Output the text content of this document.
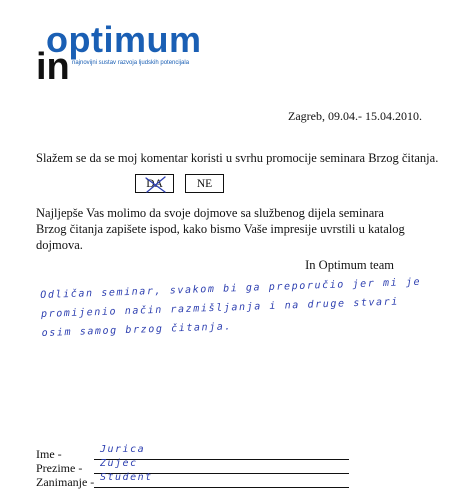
optimum
in najnovijni sustav razvoja ljudskih potencijala
Zagreb, 09.04.- 15.04.2010.
Slažem se da se moj komentar koristi u svrhu promocije seminara Brzog čitanja.
DA	NE
Najljepše Vas molimo da svoje dojmove sa službenog dijela seminara Brzog čitanja zapišete ispod, kako bismo Vaše impresije uvrstili u katalog dojmova.
In Optimum team
Odličan seminar, svakom bi ga preporučio jer mi je
promijenio način razmišljanja i na druge stvari
osim samog brzog čitanja.
Ime -	Jurica
Prezime - Zujec
Zanimanje - Student
